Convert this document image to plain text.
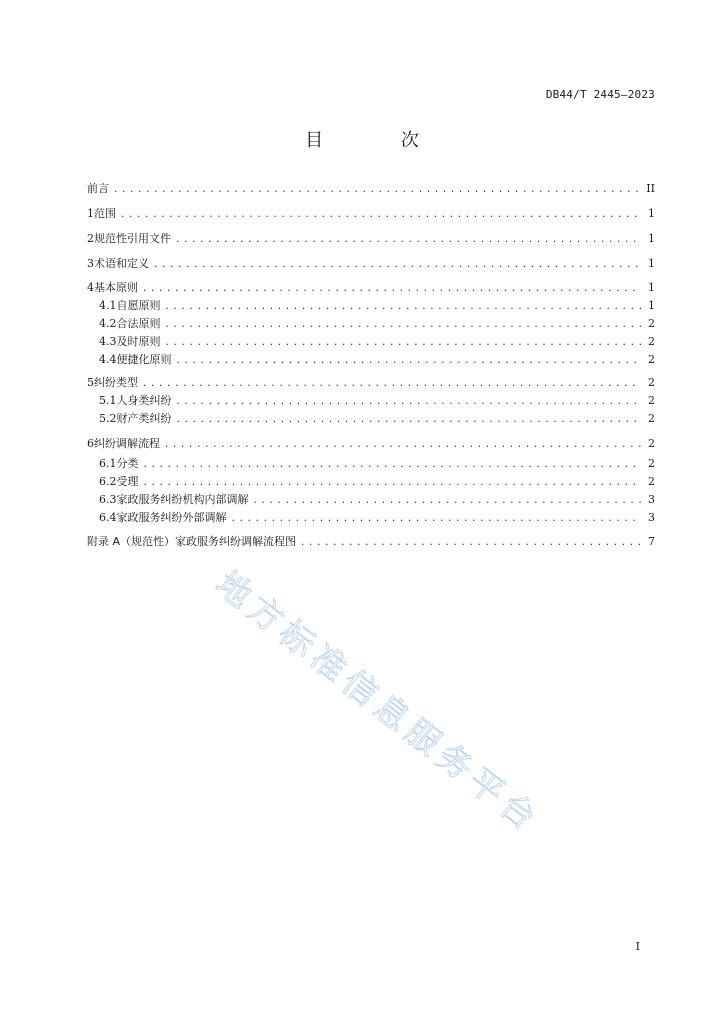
DB44/T 2445—2023
目 次
前言 .....	II
1 范围 .....	1
2 规范性引用文件 .....	1
3 术语和定义 .....	1
4 基本原则 .....	1
4.1 自愿原则 .....	1
4.2 合法原则 .....	2
4.3 及时原则 .....	2
4.4 便捷化原则 .....	2
5 纠纷类型 .....	2
5.1 人身类纠纷 .....	2
5.2 财产类纠纷 .....	2
6 纠纷调解流程 .....	2
6.1 分类 .....	2
6.2 受理 .....	2
6.3 家政服务纠纷机构内部调解 .....	3
6.4 家政服务纠纷外部调解 .....	3
附录 A（规范性）家政服务纠纷调解流程图 .....	7
地方标准信息服务平台
I
